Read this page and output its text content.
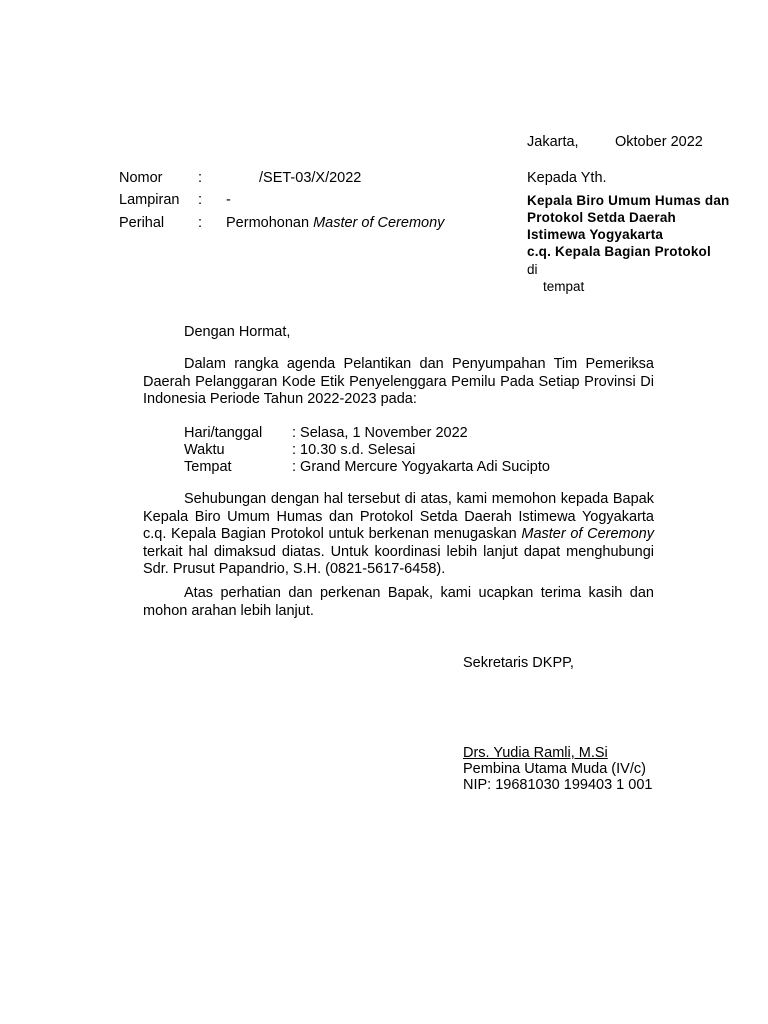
Jakarta,	Oktober 2022
Nomor :	/SET-03/X/2022
Lampiran : -
Perihal : Permohonan Master of Ceremony
Kepada Yth.
Kepala Biro Umum Humas dan
Protokol Setda Daerah
Istimewa Yogyakarta
c.q. Kepala Bagian Protokol
di
tempat
Dengan Hormat,
Dalam rangka agenda Pelantikan dan Penyumpahan Tim Pemeriksa Daerah Pelanggaran Kode Etik Penyelenggara Pemilu Pada Setiap Provinsi Di Indonesia Periode Tahun 2022-2023 pada:
Hari/tanggal : Selasa, 1 November 2022
Waktu	: 10.30 s.d. Selesai
Tempat	: Grand Mercure Yogyakarta Adi Sucipto
Sehubungan dengan hal tersebut di atas, kami memohon kepada Bapak Kepala Biro Umum Humas dan Protokol Setda Daerah Istimewa Yogyakarta c.q. Kepala Bagian Protokol untuk berkenan menugaskan Master of Ceremony terkait hal dimaksud diatas. Untuk koordinasi lebih lanjut dapat menghubungi Sdr. Prusut Papandrio, S.H. (0821-5617-6458).
Atas perhatian dan perkenan Bapak, kami ucapkan terima kasih dan mohon arahan lebih lanjut.
Sekretaris DKPP,
Drs. Yudia Ramli, M.Si
Pembina Utama Muda (IV/c)
NIP: 19681030 199403 1 001
